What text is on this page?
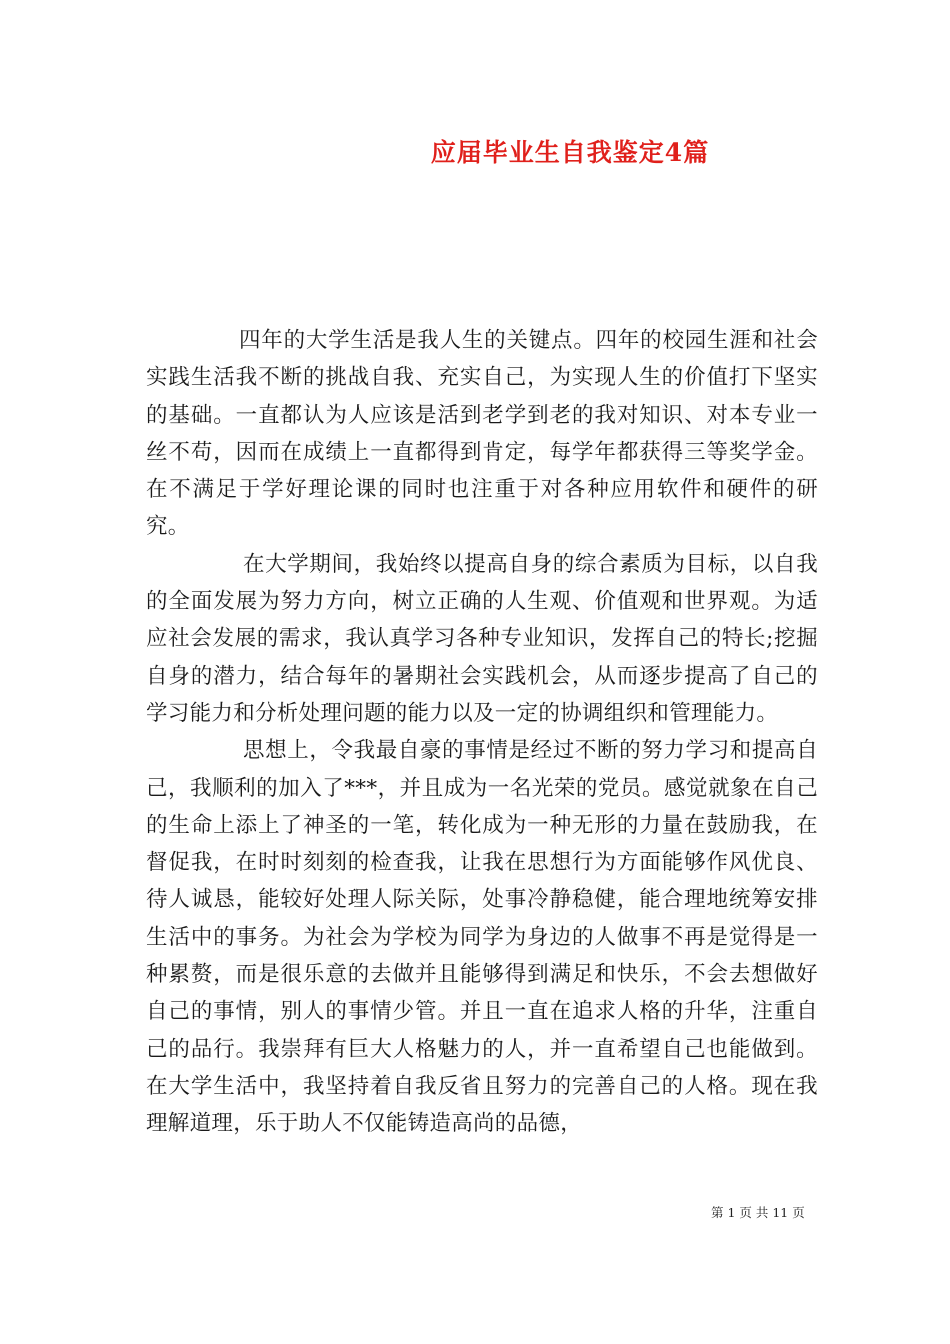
应届毕业生自我鉴定4篇

四年的大学生活是我人生的关键点。四年的校园生涯和社会实践生活我不断的挑战自我、充实自己，为实现人生的价值打下坚实的基础。一直都认为人应该是活到老学到老的我对知识、对本专业一丝不苟，因而在成绩上一直都得到肯定，每学年都获得三等奖学金。在不满足于学好理论课的同时也注重于对各种应用软件和硬件的研究。

在大学期间，我始终以提高自身的综合素质为目标，以自我的全面发展为努力方向，树立正确的人生观、价值观和世界观。为适应社会发展的需求，我认真学习各种专业知识，发挥自己的特长;挖掘自身的潜力，结合每年的暑期社会实践机会，从而逐步提高了自己的学习能力和分析处理问题的能力以及一定的协调组织和管理能力。

思想上，令我最自豪的事情是经过不断的努力学习和提高自己，我顺利的加入了***，并且成为一名光荣的党员。感觉就象在自己的生命上添上了神圣的一笔，转化成为一种无形的力量在鼓励我，在督促我，在时时刻刻的检查我，让我在思想行为方面能够作风优良、待人诚恳，能较好处理人际关际，处事冷静稳健，能合理地统筹安排生活中的事务。为社会为学校为同学为身边的人做事不再是觉得是一种累赘，而是很乐意的去做并且能够得到满足和快乐，不会去想做好自己的事情，别人的事情少管。并且一直在追求人格的升华，注重自己的品行。我崇拜有巨大人格魅力的人，并一直希望自己也能做到。在大学生活中，我坚持着自我反省且努力的完善自己的人格。现在我理解道理，乐于助人不仅能铸造高尚的品德，

第 1 页 共 11 页
